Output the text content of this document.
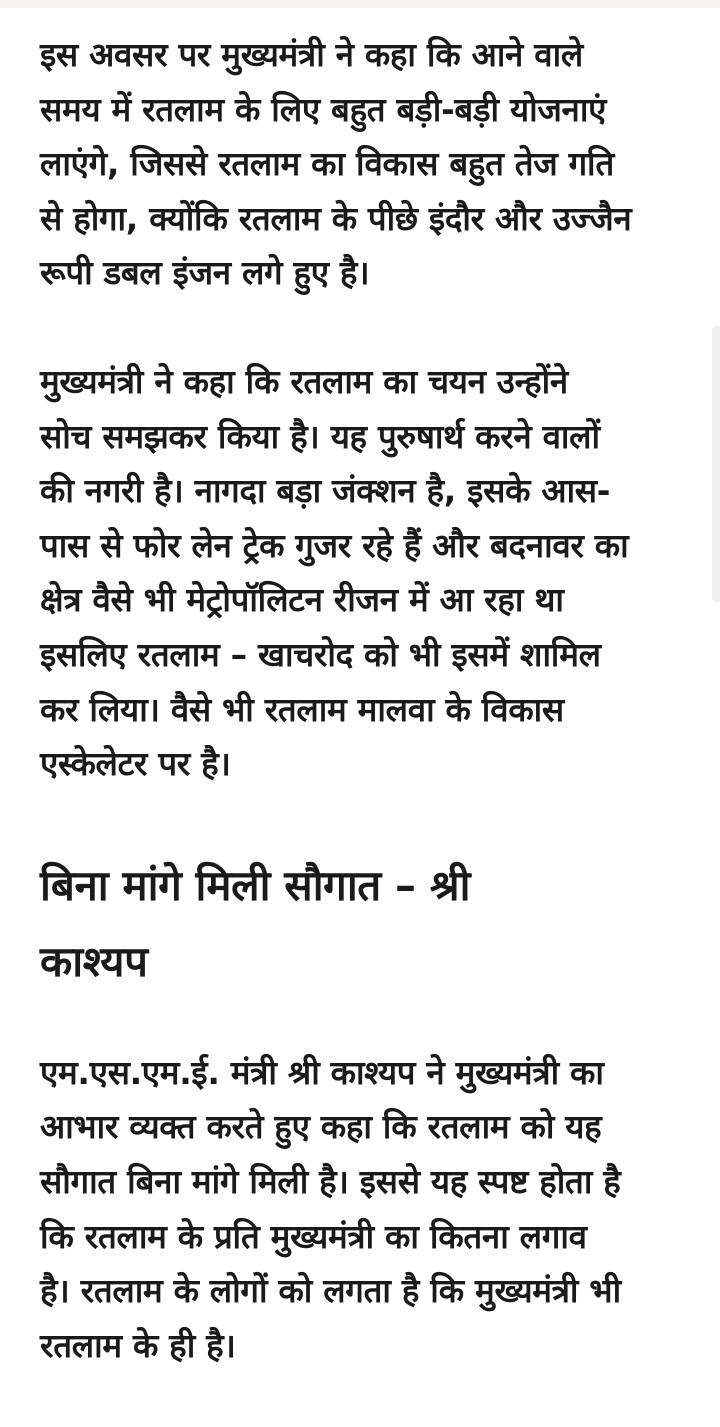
इस अवसर पर मुख्यमंत्री ने कहा कि आने वाले
समय में रतलाम के लिए बहुत बड़ी-बड़ी योजनाएं
लाएंगे, जिससे रतलाम का विकास बहुत तेज गति
से होगा, क्योंकि रतलाम के पीछे इंदौर और उज्जैन
रूपी डबल इंजन लगे हुए है।

मुख्यमंत्री ने कहा कि रतलाम का चयन उन्होंने
सोच समझकर किया है। यह पुरुषार्थ करने वालों
की नगरी है। नागदा बड़ा जंक्शन है, इसके आस-
पास से फोर लेन ट्रेक गुजर रहे हैं और बदनावर का
क्षेत्र वैसे भी मेट्रोपॉलिटन रीजन में आ रहा था
इसलिए रतलाम – खाचरोद को भी इसमें शामिल
कर लिया। वैसे भी रतलाम मालवा के विकास
एस्केलेटर पर है।

बिना मांगे मिली सौगात – श्री
काश्यप

एम.एस.एम.ई. मंत्री श्री काश्यप ने मुख्यमंत्री का
आभार व्यक्त करते हुए कहा कि रतलाम को यह
सौगात बिना मांगे मिली है। इससे यह स्पष्ट होता है
कि रतलाम के प्रति मुख्यमंत्री का कितना लगाव
है। रतलाम के लोगों को लगता है कि मुख्यमंत्री भी
रतलाम के ही है।
